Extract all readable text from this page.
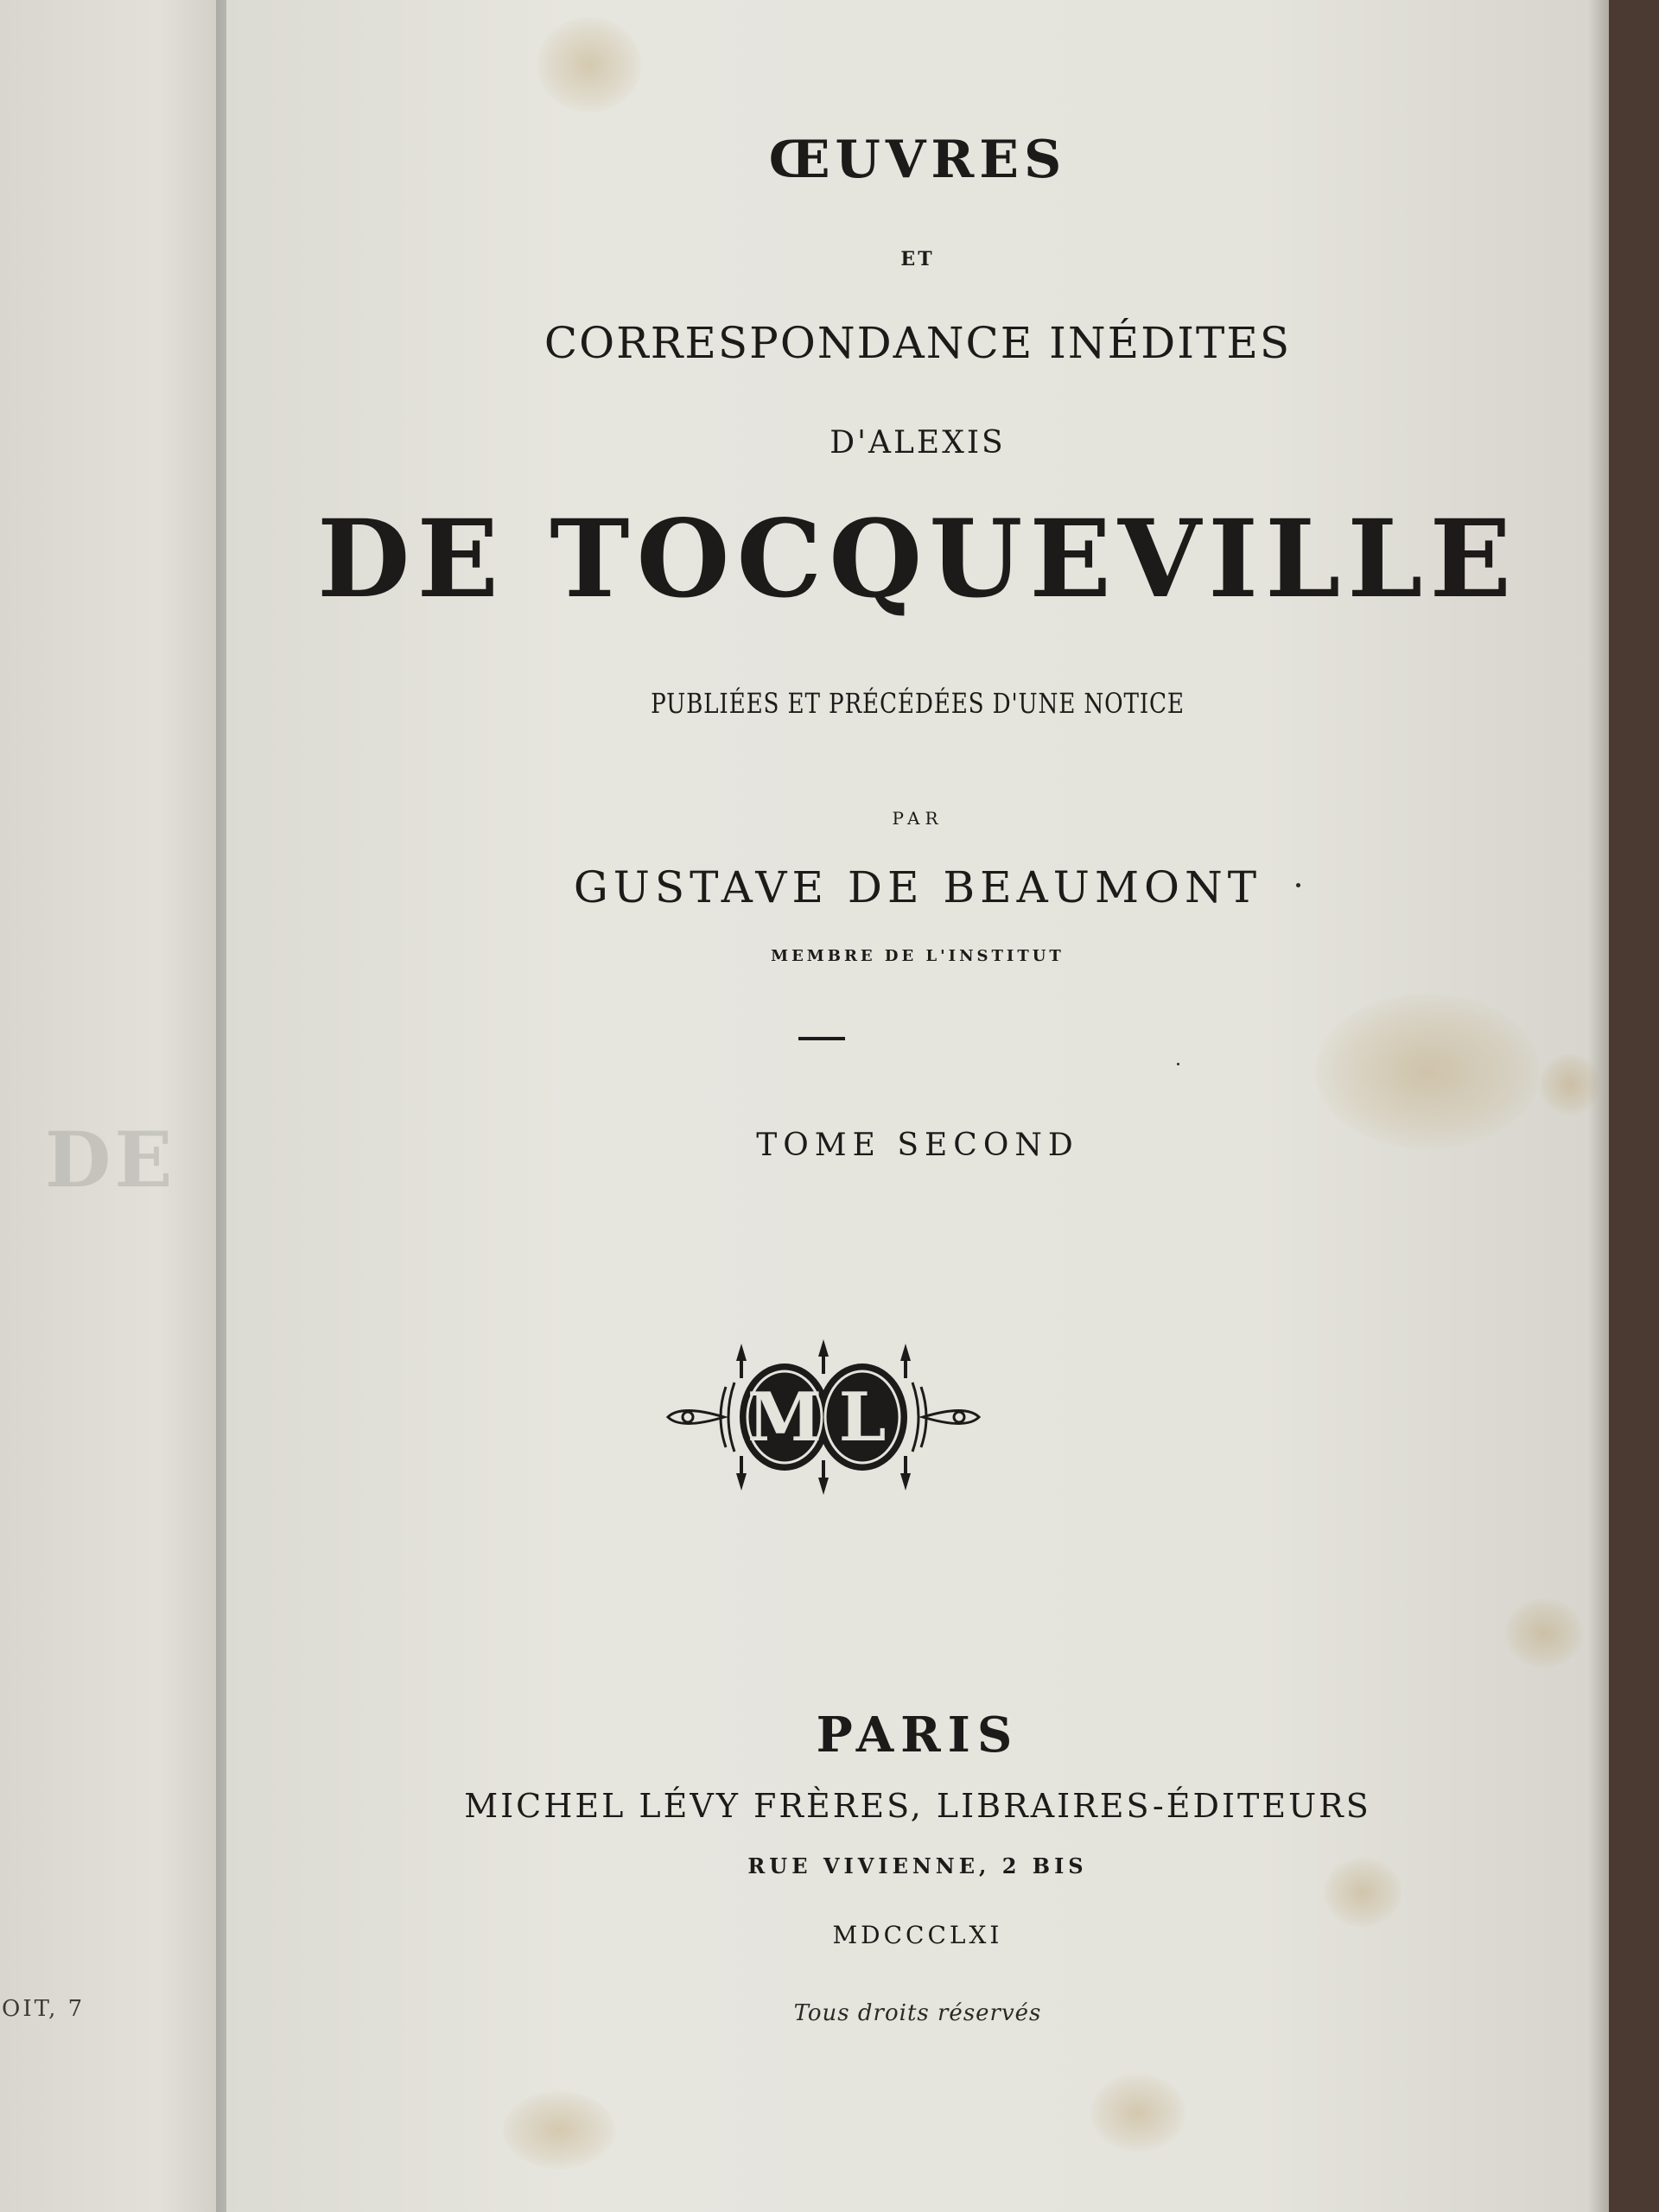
DE
OIT, 7
ŒUVRES
ET
CORRESPONDANCE INÉDITES
D'ALEXIS
DE TOCQUEVILLE
PUBLIÉES ET PRÉCÉDÉES D'UNE NOTICE
PAR
GUSTAVE DE BEAUMONT
MEMBRE DE L'INSTITUT
TOME SECOND
M L
PARIS
MICHEL LÉVY FRÈRES, LIBRAIRES-ÉDITEURS
RUE VIVIENNE, 2 BIS
MDCCCLXI
Tous droits réservés
